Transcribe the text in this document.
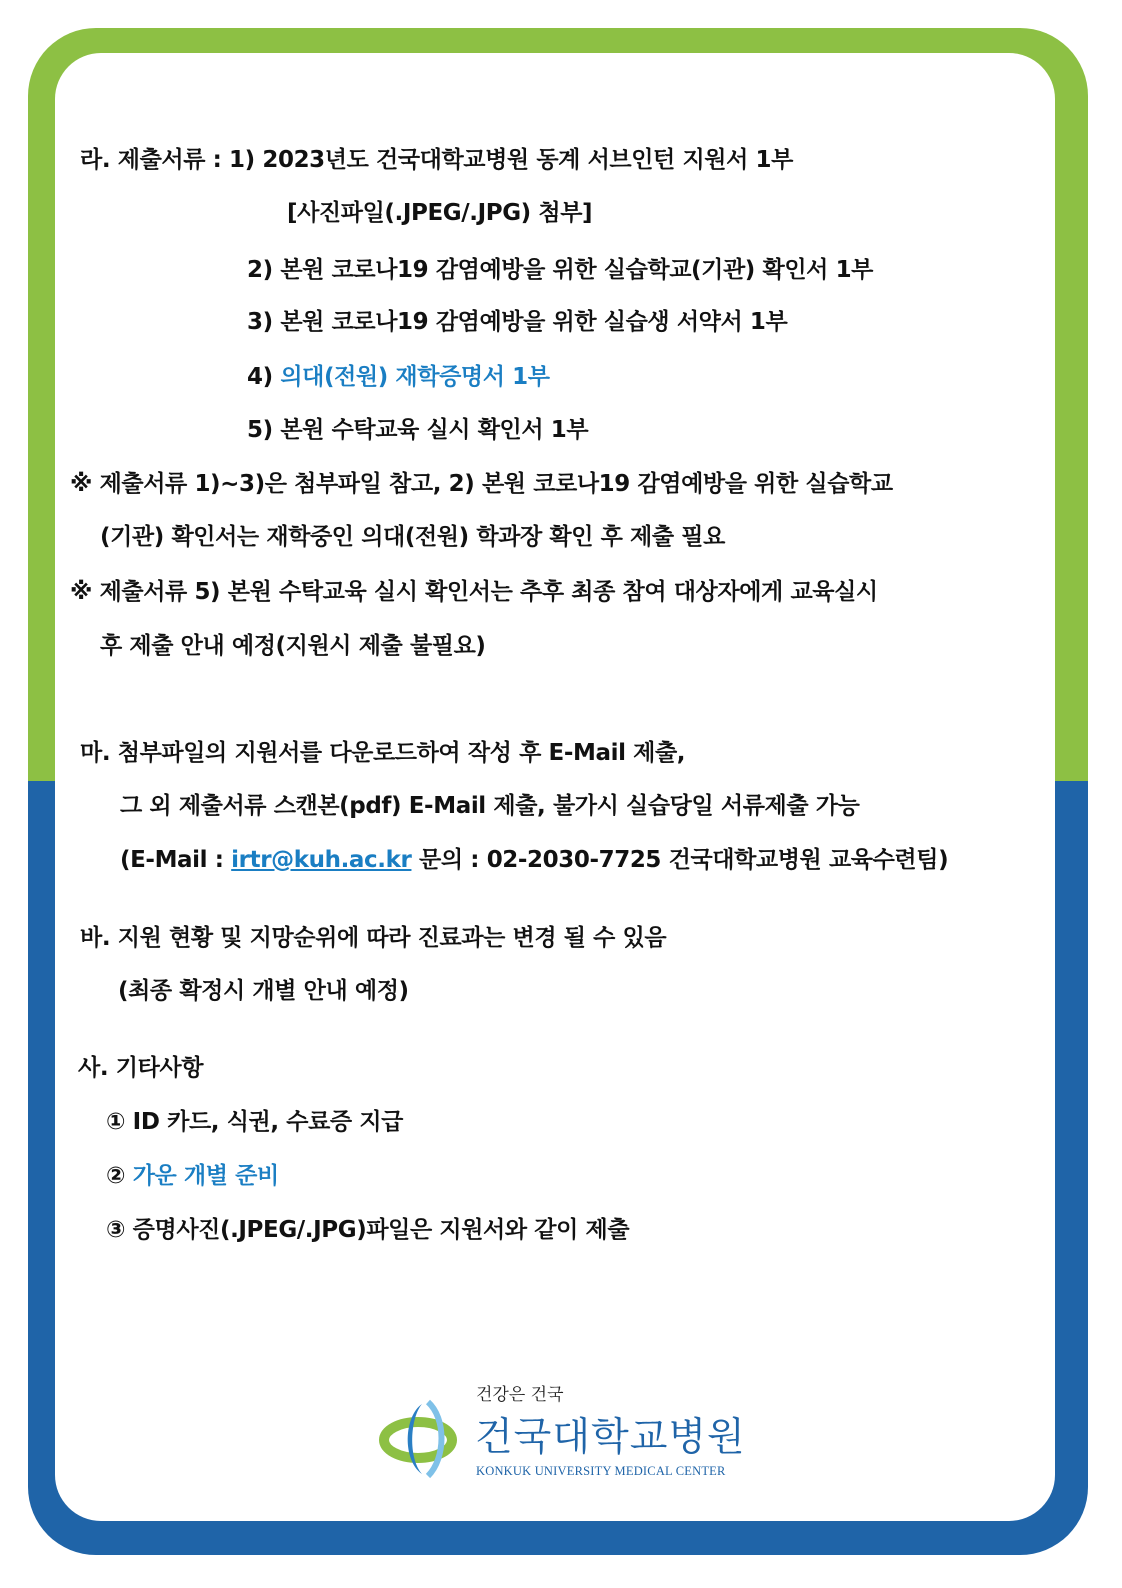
라. 제출서류 : 1) 2023년도 건국대학교병원 동계 서브인턴 지원서 1부
[사진파일(.JPEG/.JPG) 첨부]
2) 본원 코로나19 감염예방을 위한 실습학교(기관) 확인서 1부
3) 본원 코로나19 감염예방을 위한 실습생 서약서 1부
4) 의대(전원) 재학증명서 1부
5) 본원 수탁교육 실시 확인서 1부
※ 제출서류 1)~3)은 첨부파일 참고, 2) 본원 코로나19 감염예방을 위한 실습학교
(기관) 확인서는 재학중인 의대(전원) 학과장 확인 후 제출 필요
※ 제출서류 5) 본원 수탁교육 실시 확인서는 추후 최종 참여 대상자에게 교육실시
후 제출 안내 예정(지원시 제출 불필요)
마. 첨부파일의 지원서를 다운로드하여 작성 후 E-Mail 제출,
그 외 제출서류 스캔본(pdf) E-Mail 제출, 불가시 실습당일 서류제출 가능
(E-Mail : irtr@kuh.ac.kr 문의 : 02-2030-7725 건국대학교병원 교육수련팀)
바. 지원 현황 및 지망순위에 따라 진료과는 변경 될 수 있음
(최종 확정시 개별 안내 예정)
사. 기타사항
① ID 카드, 식권, 수료증 지급
② 가운 개별 준비
③ 증명사진(.JPEG/.JPG)파일은 지원서와 같이 제출
건강은 건국
건국대학교병원
KONKUK UNIVERSITY MEDICAL CENTER
